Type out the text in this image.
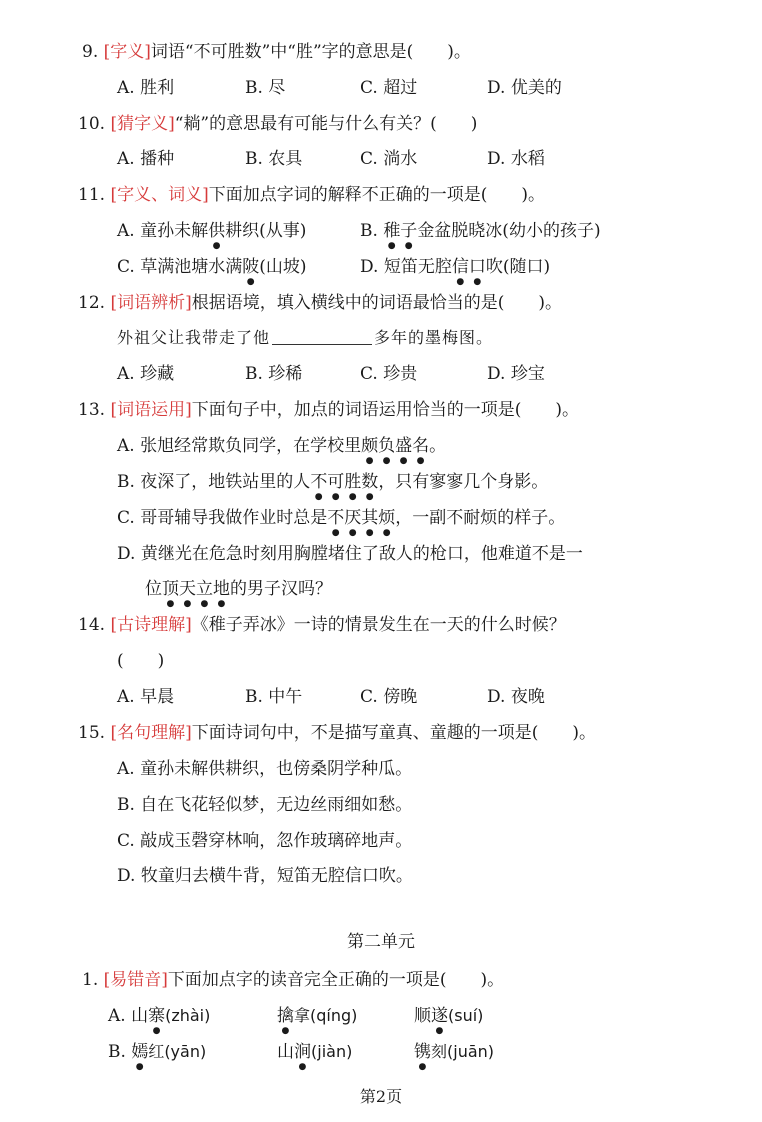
9. [字义]词语“不可胜数”中“胜”字的意思是(　　)。
A. 胜利	B. 尽	C. 超过	D. 优美的
10. [猜字义]“耥”的意思最有可能与什么有关？(　　)
A. 播种	B. 农具	C. 淌水	D. 水稻
11. [字义、词义]下面加点字词的解释不正确的一项是(　　)。
A. 童孙未解供耕织(从事)	B. 稚子金盆脱晓冰(幼小的孩子)
C. 草满池塘水满陂(山坡)	D. 短笛无腔信口吹(随口)
12. [词语辨析]根据语境，填入横线中的词语最恰当的是(　　)。
外祖父让我带走了他	多年的墨梅图。
A. 珍藏	B. 珍稀	C. 珍贵	D. 珍宝
13. [词语运用]下面句子中，加点的词语运用恰当的一项是(　　)。
A. 张旭经常欺负同学，在学校里颇负盛名。
B. 夜深了，地铁站里的人不可胜数，只有寥寥几个身影。
C. 哥哥辅导我做作业时总是不厌其烦，一副不耐烦的样子。
D. 黄继光在危急时刻用胸膛堵住了敌人的枪口，他难道不是一
位顶天立地的男子汉吗？
14. [古诗理解]《稚子弄冰》一诗的情景发生在一天的什么时候？
(　　)
A. 早晨	B. 中午	C. 傍晚	D. 夜晚
15. [名句理解]下面诗词句中，不是描写童真、童趣的一项是(　　)。
A. 童孙未解供耕织，也傍桑阴学种瓜。
B. 自在飞花轻似梦，无边丝雨细如愁。
C. 敲成玉磬穿林响，忽作玻璃碎地声。
D. 牧童归去横牛背，短笛无腔信口吹。
第二单元
1. [易错音]下面加点字的读音完全正确的一项是(　　)。
A. 山寨(zhài)	擒拿(qíng)	顺遂(suí)
B. 嫣红(yān)	山涧(jiàn)	镌刻(juān)
第2页
